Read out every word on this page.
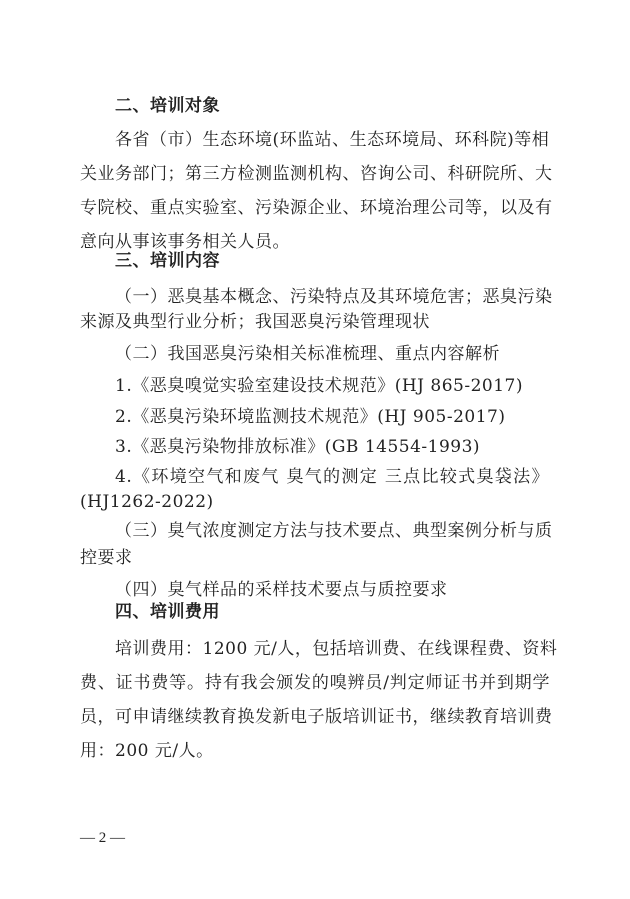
二、培训对象
各省（市）生态环境(环监站、生态环境局、环科院)等相
关业务部门；第三方检测监测机构、咨询公司、科研院所、大
专院校、重点实验室、污染源企业、环境治理公司等，以及有
意向从事该事务相关人员。
三、培训内容
（一）恶臭基本概念、污染特点及其环境危害；恶臭污染
来源及典型行业分析；我国恶臭污染管理现状
（二）我国恶臭污染相关标准梳理、重点内容解析
1.《恶臭嗅觉实验室建设技术规范》(HJ 865-2017)
2.《恶臭污染环境监测技术规范》(HJ 905-2017)
3.《恶臭污染物排放标准》(GB 14554-1993)
4.《环境空气和废气 臭气的测定 三点比较式臭袋法》
(HJ1262-2022)
（三）臭气浓度测定方法与技术要点、典型案例分析与质
控要求
（四）臭气样品的采样技术要点与质控要求
四、培训费用
培训费用：1200 元/人，包括培训费、在线课程费、资料
费、证书费等。持有我会颁发的嗅辨员/判定师证书并到期学
员，可申请继续教育换发新电子版培训证书，继续教育培训费
用：200 元/人。
— 2 —
